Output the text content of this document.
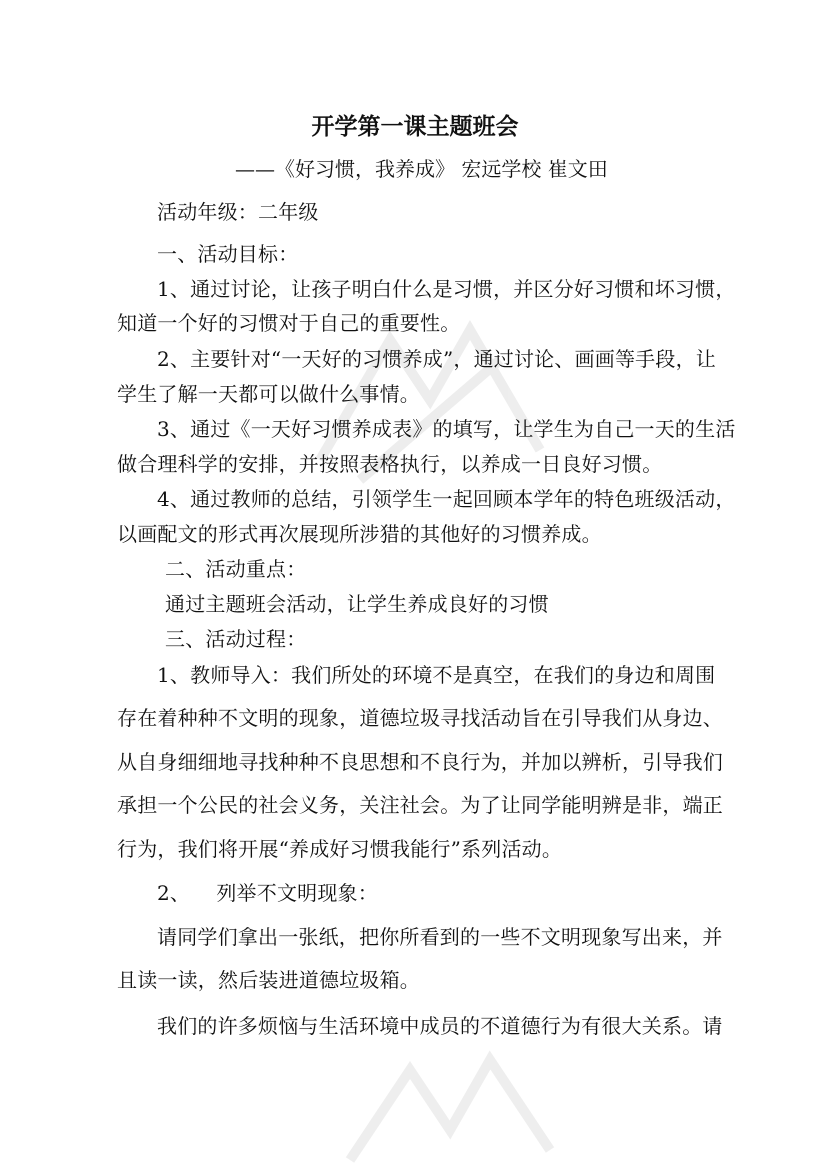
开学第一课主题班会
——《好习惯，我养成》 宏远学校 崔文田
活动年级：二年级
一、活动目标：
1、通过讨论，让孩子明白什么是习惯，并区分好习惯和坏习惯，
知道一个好的习惯对于自己的重要性。
2、主要针对“一天好的习惯养成”，通过讨论、画画等手段，让
学生了解一天都可以做什么事情。
3、通过《一天好习惯养成表》的填写，让学生为自己一天的生活
做合理科学的安排，并按照表格执行，以养成一日良好习惯。
4、通过教师的总结，引领学生一起回顾本学年的特色班级活动，
以画配文的形式再次展现所涉猎的其他好的习惯养成。
二、活动重点：
通过主题班会活动，让学生养成良好的习惯
三、活动过程：
1、教师导入：我们所处的环境不是真空，在我们的身边和周围
存在着种种不文明的现象，道德垃圾寻找活动旨在引导我们从身边、
从自身细细地寻找种种不良思想和不良行为，并加以辨析，引导我们
承担一个公民的社会义务，关注社会。为了让同学能明辨是非，端正
行为，我们将开展“养成好习惯我能行”系列活动。
2、    列举不文明现象：
请同学们拿出一张纸，把你所看到的一些不文明现象写出来，并
且读一读，然后装进道德垃圾箱。
我们的许多烦恼与生活环境中成员的不道德行为有很大关系。请
